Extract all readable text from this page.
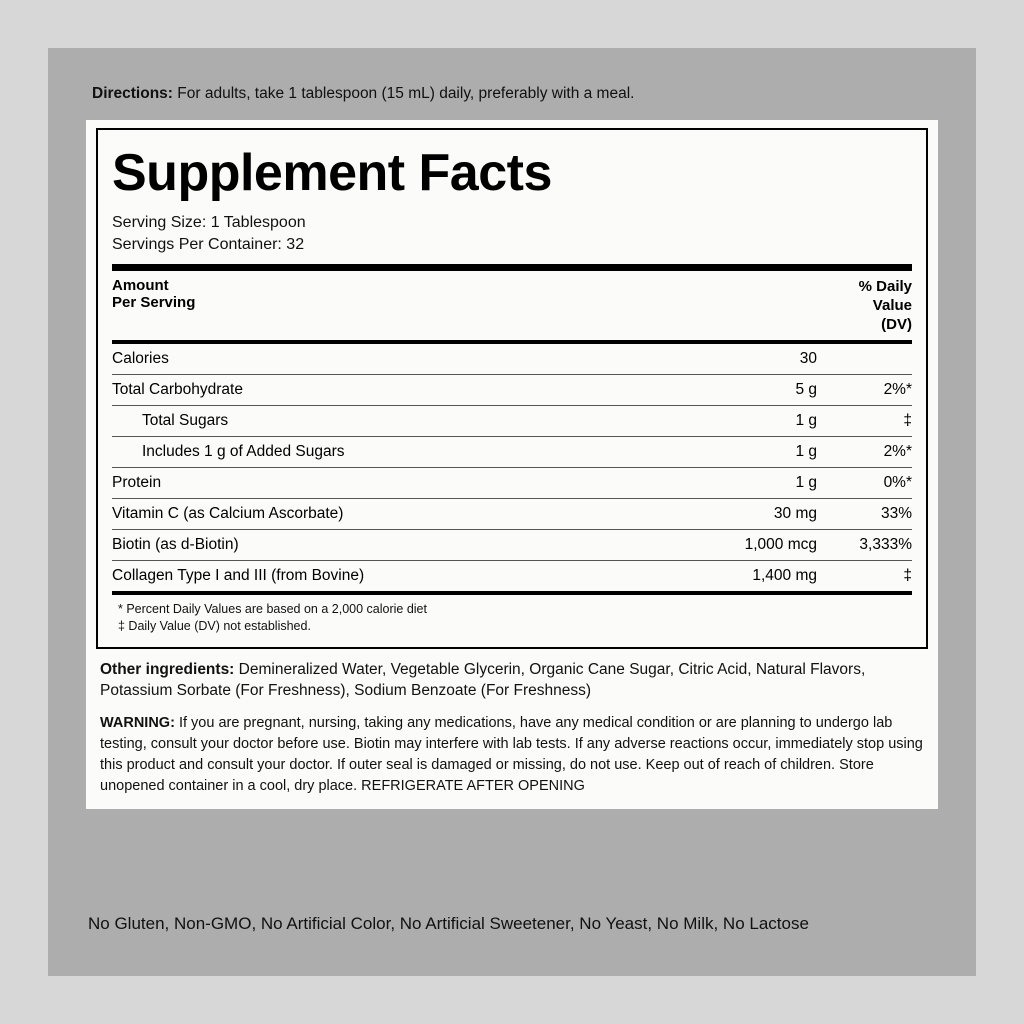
Directions: For adults, take 1 tablespoon (15 mL) daily, preferably with a meal.
Supplement Facts
Serving Size: 1 Tablespoon
Servings Per Container: 32
Amount
Per Serving

% Daily
Value
(DV)
Calories	30	
Total Carbohydrate	5 g	2%*
Total Sugars	1 g	‡
Includes 1 g of Added Sugars	1 g	2%*
Protein	1 g	0%*
Vitamin C (as Calcium Ascorbate)	30 mg	33%
Biotin (as d-Biotin)	1,000 mcg	3,333%
Collagen Type I and III (from Bovine)	1,400 mg	‡
* Percent Daily Values are based on a 2,000 calorie diet
‡ Daily Value (DV) not established.
Other ingredients: Demineralized Water, Vegetable Glycerin, Organic Cane Sugar, Citric Acid, Natural Flavors, Potassium Sorbate (For Freshness), Sodium Benzoate (For Freshness)
WARNING: If you are pregnant, nursing, taking any medications, have any medical condition or are planning to undergo lab testing, consult your doctor before use. Biotin may interfere with lab tests. If any adverse reactions occur, immediately stop using this product and consult your doctor. If outer seal is damaged or missing, do not use. Keep out of reach of children. Store unopened container in a cool, dry place. REFRIGERATE AFTER OPENING
No Gluten, Non-GMO, No Artificial Color, No Artificial Sweetener, No Yeast, No Milk, No Lactose
